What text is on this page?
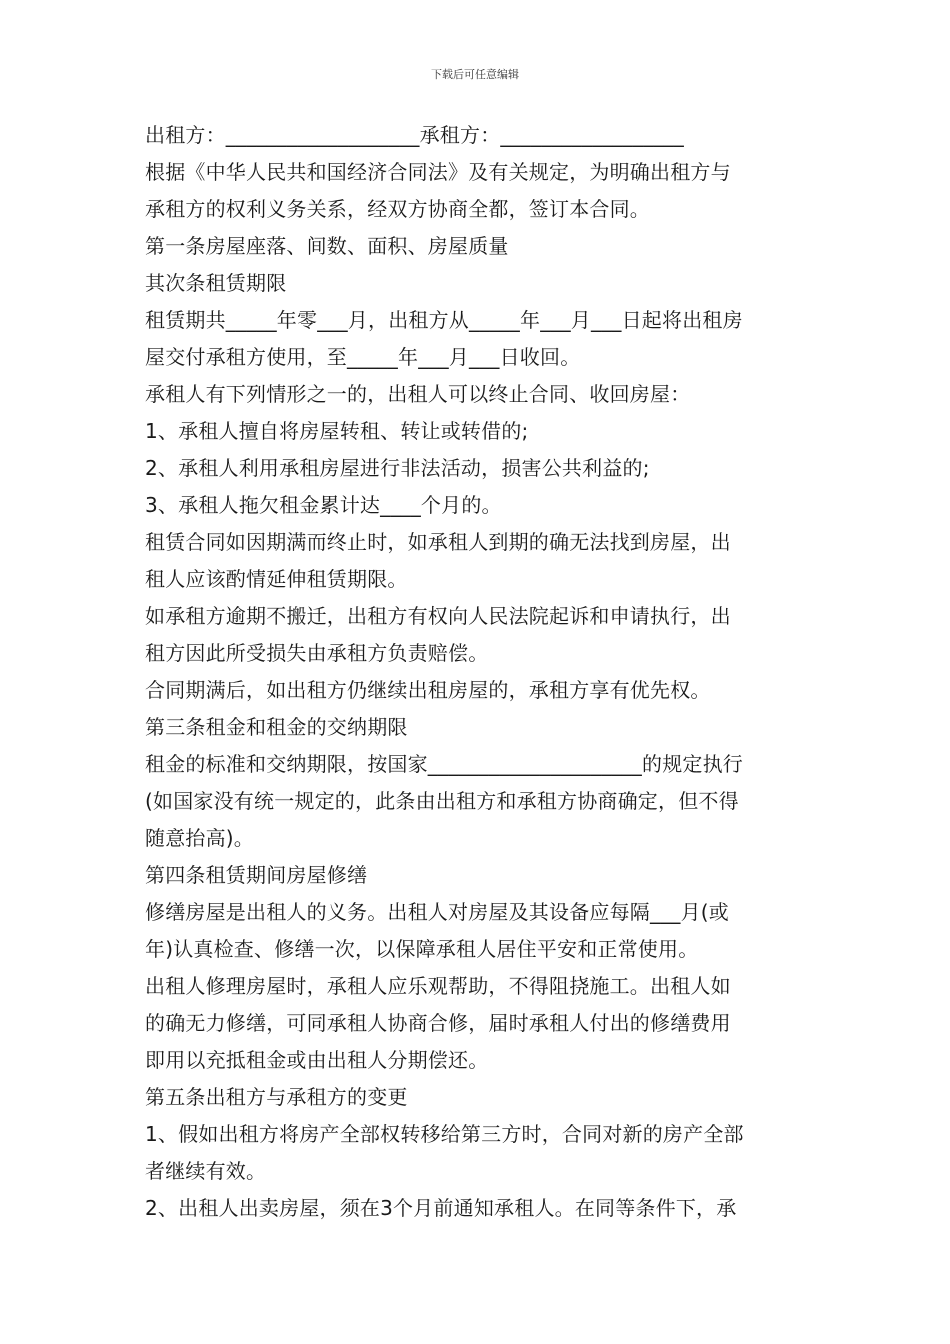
下载后可任意编辑
出租方：___________________承租方：__________________
根据《中华人民共和国经济合同法》及有关规定，为明确出租方与
承租方的权利义务关系，经双方协商全都，签订本合同。
第一条房屋座落、间数、面积、房屋质量
其次条租赁期限
租赁期共_____年零___月，出租方从_____年___月___日起将出租房
屋交付承租方使用，至_____年___月___日收回。
承租人有下列情形之一的，出租人可以终止合同、收回房屋：
1、承租人擅自将房屋转租、转让或转借的;
2、承租人利用承租房屋进行非法活动，损害公共利益的;
3、承租人拖欠租金累计达____个月的。
租赁合同如因期满而终止时，如承租人到期的确无法找到房屋，出
租人应该酌情延伸租赁期限。
如承租方逾期不搬迁，出租方有权向人民法院起诉和申请执行，出
租方因此所受损失由承租方负责赔偿。
合同期满后，如出租方仍继续出租房屋的，承租方享有优先权。
第三条租金和租金的交纳期限
租金的标准和交纳期限，按国家_____________________的规定执行
(如国家没有统一规定的，此条由出租方和承租方协商确定，但不得
随意抬高)。
第四条租赁期间房屋修缮
修缮房屋是出租人的义务。出租人对房屋及其设备应每隔___月(或
年)认真检查、修缮一次，以保障承租人居住平安和正常使用。
出租人修理房屋时，承租人应乐观帮助，不得阻挠施工。出租人如
的确无力修缮，可同承租人协商合修，届时承租人付出的修缮费用
即用以充抵租金或由出租人分期偿还。
第五条出租方与承租方的变更
1、假如出租方将房产全部权转移给第三方时，合同对新的房产全部
者继续有效。
2、出租人出卖房屋，须在3个月前通知承租人。在同等条件下，承
